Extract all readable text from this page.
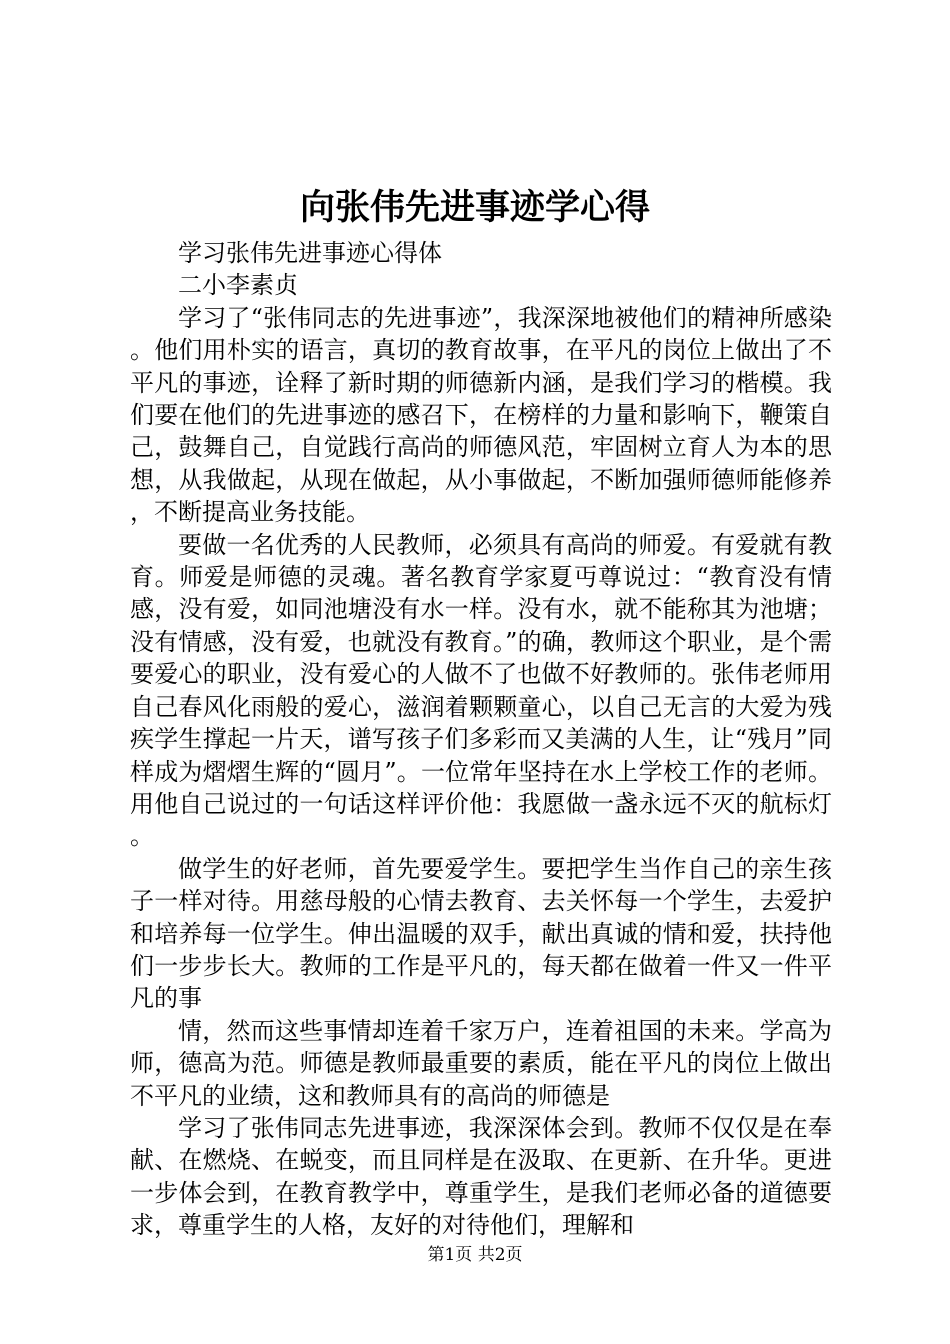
向张伟先进事迹学心得

学习张伟先进事迹心得体

二小李素贞

学习了“张伟同志的先进事迹”，我深深地被他们的精神所感染。他们用朴实的语言，真切的教育故事，在平凡的岗位上做出了不平凡的事迹，诠释了新时期的师德新内涵，是我们学习的楷模。我们要在他们的先进事迹的感召下，在榜样的力量和影响下，鞭策自己，鼓舞自己，自觉践行高尚的师德风范，牢固树立育人为本的思想，从我做起，从现在做起，从小事做起，不断加强师德师能修养，不断提高业务技能。

要做一名优秀的人民教师，必须具有高尚的师爱。有爱就有教育。师爱是师德的灵魂。著名教育学家夏丏尊说过：“教育没有情感，没有爱，如同池塘没有水一样。没有水，就不能称其为池塘；没有情感，没有爱，也就没有教育。”的确，教师这个职业，是个需要爱心的职业，没有爱心的人做不了也做不好教师的。张伟老师用自己春风化雨般的爱心，滋润着颗颗童心，以自己无言的大爱为残疾学生撑起一片天，谱写孩子们多彩而又美满的人生，让“残月”同样成为熠熠生辉的“圆月”。一位常年坚持在水上学校工作的老师。用他自己说过的一句话这样评价他：我愿做一盏永远不灭的航标灯。

做学生的好老师，首先要爱学生。要把学生当作自己的亲生孩子一样对待。用慈母般的心情去教育、去关怀每一个学生，去爱护和培养每一位学生。伸出温暖的双手，献出真诚的情和爱，扶持他们一步步长大。教师的工作是平凡的，每天都在做着一件又一件平凡的事

情，然而这些事情却连着千家万户，连着祖国的未来。学高为师，德高为范。师德是教师最重要的素质，能在平凡的岗位上做出不平凡的业绩，这和教师具有的高尚的师德是

学习了张伟同志先进事迹，我深深体会到。教师不仅仅是在奉献、在燃烧、在蜕变，而且同样是在汲取、在更新、在升华。更进一步体会到，在教育教学中，尊重学生，是我们老师必备的道德要求，尊重学生的人格，友好的对待他们，理解和

第1页 共2页
